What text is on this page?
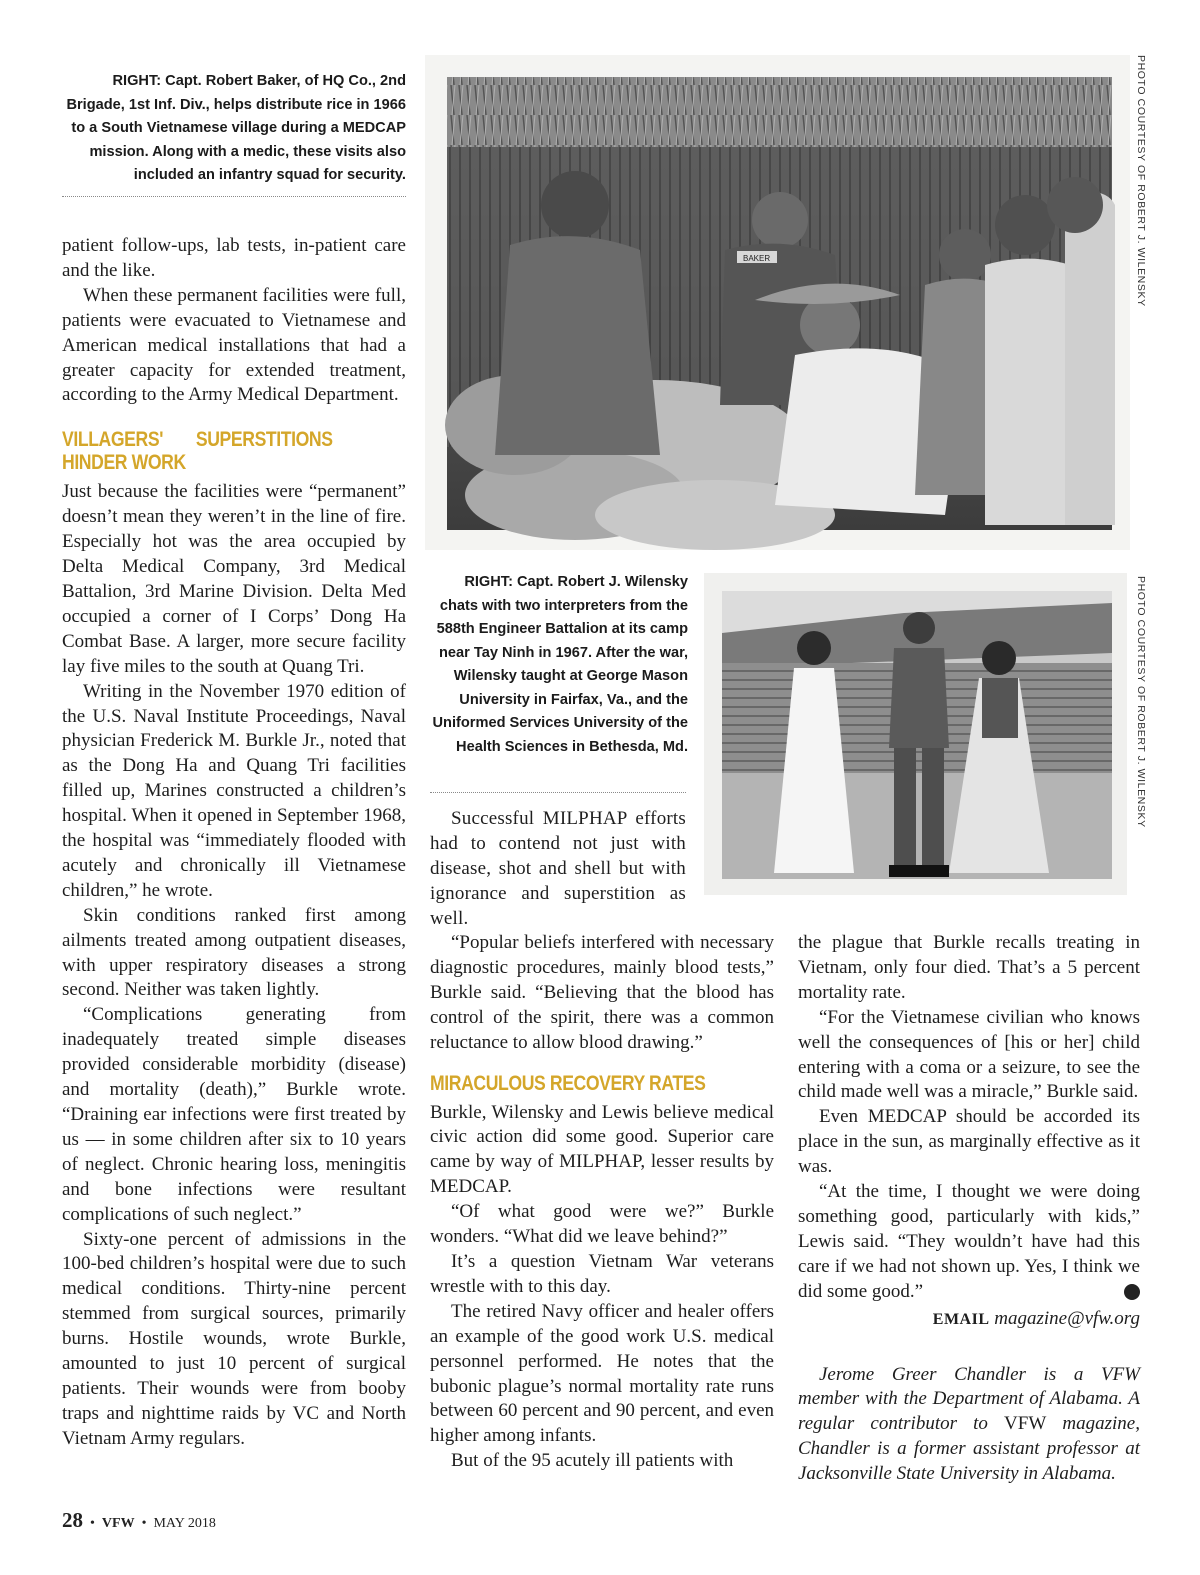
RIGHT: Capt. Robert Baker, of HQ Co., 2nd Brigade, 1st Inf. Div., helps distribute rice in 1966 to a South Vietnamese village during a MEDCAP mission. Along with a medic, these visits also included an infantry squad for security.
BAKER	PHOTO COURTESY OF ROBERT J. WILENSKY
RIGHT: Capt. Robert J. Wilensky chats with two interpreters from the 588th Engineer Battalion at its camp near Tay Ninh in 1967. After the war, Wilensky taught at George Mason University in Fairfax, Va., and the Uniformed Services University of the Health Sciences in Bethesda, Md.	PHOTO COURTESY OF ROBERT J. WILENSKY

patient follow-ups, lab tests, in-patient care and the like.

When these permanent facilities were full, patients were evacuated to Vietnamese and American medical installations that had a greater capacity for extended treatment, according to the Army Medical Department.

VILLAGERS' SUPERSTITIONS HINDER WORK

Just because the facilities were “permanent” doesn’t mean they weren’t in the line of fire. Especially hot was the area occupied by Delta Medical Company, 3rd Medical Battalion, 3rd Marine Division. Delta Med occupied a corner of I Corps’ Dong Ha Combat Base. A larger, more secure facility lay five miles to the south at Quang Tri.

Writing in the November 1970 edition of the U.S. Naval Institute Proceedings, Naval physician Frederick M. Burkle Jr., noted that as the Dong Ha and Quang Tri facilities filled up, Marines constructed a children’s hospital. When it opened in September 1968, the hospital was “immediately flooded with acutely and chronically ill Vietnamese children,” he wrote.

Skin conditions ranked first among ailments treated among outpatient diseases, with upper respiratory diseases a strong second. Neither was taken lightly.

“Complications generating from inadequately treated simple diseases provided considerable morbidity (disease) and mortality (death),” Burkle wrote. “Draining ear infections were first treated by us — in some children after six to 10 years of neglect. Chronic hearing loss, meningitis and bone infections were resultant complications of such neglect.”

Sixty-one percent of admissions in the 100-bed children’s hospital were due to such medical conditions. Thirty-nine percent stemmed from surgical sources, primarily burns. Hostile wounds, wrote Burkle, amounted to just 10 percent of surgical patients. Their wounds were from booby traps and nighttime raids by VC and North Vietnam Army regulars.

Successful MILPHAP efforts had to contend not just with disease, shot and shell but with ignorance and superstition as well.

“Popular beliefs interfered with necessary diagnostic procedures, mainly blood tests,” Burkle said. “Believing that the blood has control of the spirit, there was a common reluctance to allow blood drawing.”

MIRACULOUS RECOVERY RATES

Burkle, Wilensky and Lewis believe medical civic action did some good. Superior care came by way of MILPHAP, lesser results by MEDCAP.

“Of what good were we?” Burkle wonders. “What did we leave behind?”

It’s a question Vietnam War veterans wrestle with to this day.

The retired Navy officer and healer offers an example of the good work U.S. medical personnel performed. He notes that the bubonic plague’s normal mortality rate runs between 60 percent and 90 percent, and even higher among infants.

But of the 95 acutely ill patients with

the plague that Burkle recalls treating in Vietnam, only four died. That’s a 5 percent mortality rate.

“For the Vietnamese civilian who knows well the consequences of [his or her] child entering with a coma or a seizure, to see the child made well was a miracle,” Burkle said.

Even MEDCAP should be accorded its place in the sun, as marginally effective as it was.

“At the time, I thought we were doing something good, particularly with kids,” Lewis said. “They wouldn’t have had this care if we had not shown up. Yes, I think we did some good.”	✪

EMAIL magazine@vfw.org

Jerome Greer Chandler is a VFW member with the Department of Alabama. A regular contributor to VFW magazine, Chandler is a former assistant professor at Jacksonville State University in Alabama.

28 • VFW • MAY 2018
